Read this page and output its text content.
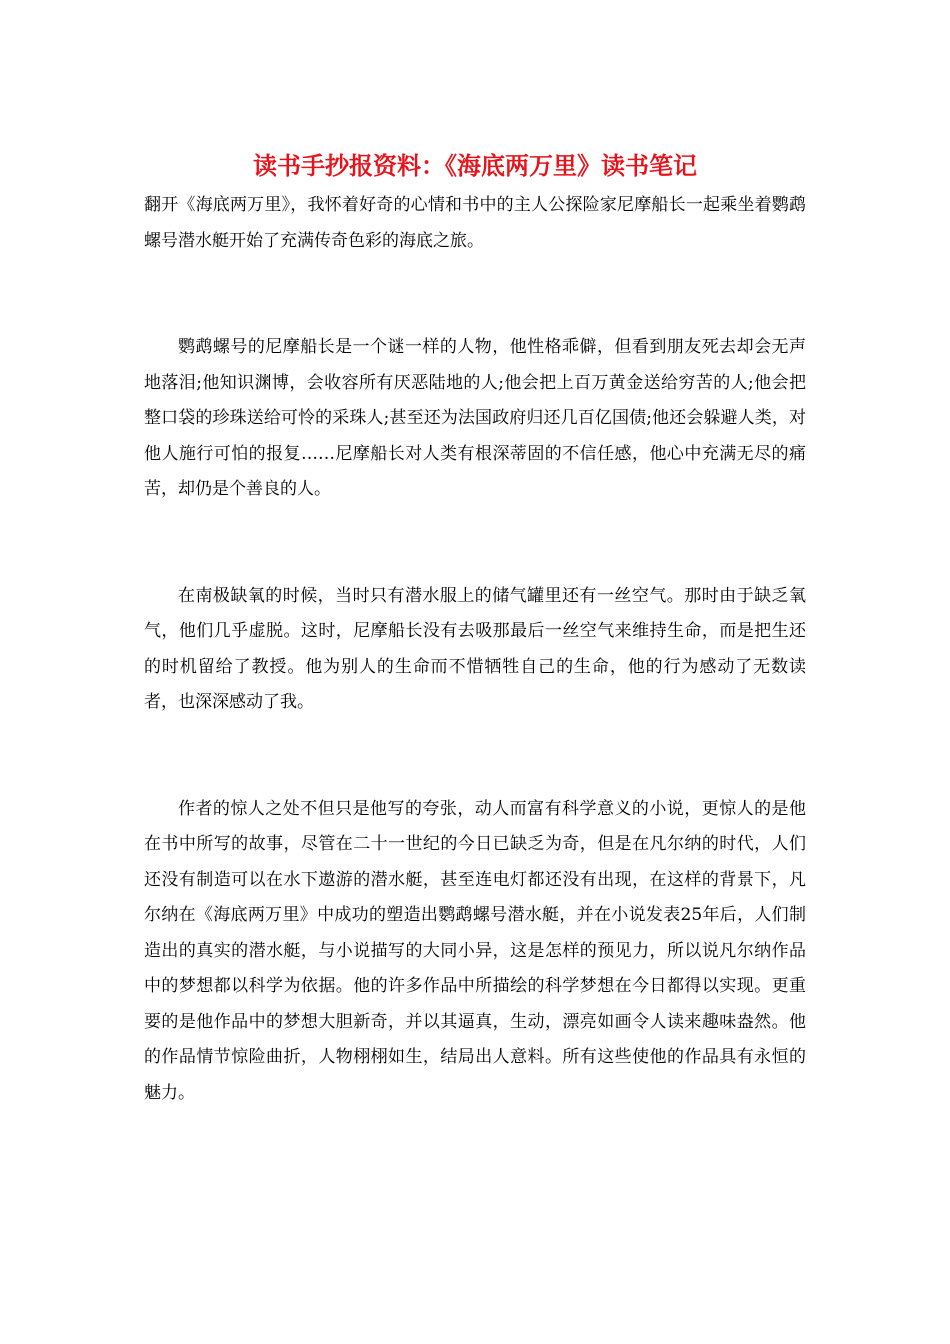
读书手抄报资料：《海底两万里》读书笔记

翻开《海底两万里》，我怀着好奇的心情和书中的主人公探险家尼摩船长一起乘坐着鹦鹉螺号潜水艇开始了充满传奇色彩的海底之旅。

鹦鹉螺号的尼摩船长是一个谜一样的人物，他性格乖僻，但看到朋友死去却会无声地落泪;他知识渊博，会收容所有厌恶陆地的人;他会把上百万黄金送给穷苦的人;他会把整口袋的珍珠送给可怜的采珠人;甚至还为法国政府归还几百亿国债;他还会躲避人类，对他人施行可怕的报复……尼摩船长对人类有根深蒂固的不信任感，他心中充满无尽的痛苦，却仍是个善良的人。

在南极缺氧的时候，当时只有潜水服上的储气罐里还有一丝空气。那时由于缺乏氧气，他们几乎虚脱。这时，尼摩船长没有去吸那最后一丝空气来维持生命，而是把生还的时机留给了教授。他为别人的生命而不惜牺牲自己的生命，他的行为感动了无数读者，也深深感动了我。

作者的惊人之处不但只是他写的夸张，动人而富有科学意义的小说，更惊人的是他在书中所写的故事，尽管在二十一世纪的今日已缺乏为奇，但是在凡尔纳的时代，人们还没有制造可以在水下遨游的潜水艇，甚至连电灯都还没有出现，在这样的背景下，凡尔纳在《海底两万里》中成功的塑造出鹦鹉螺号潜水艇，并在小说发表25年后，人们制造出的真实的潜水艇，与小说描写的大同小异，这是怎样的预见力，所以说凡尔纳作品中的梦想都以科学为依据。他的许多作品中所描绘的科学梦想在今日都得以实现。更重要的是他作品中的梦想大胆新奇，并以其逼真，生动，漂亮如画令人读来趣味盎然。他的作品情节惊险曲折，人物栩栩如生，结局出人意料。所有这些使他的作品具有永恒的魅力。
